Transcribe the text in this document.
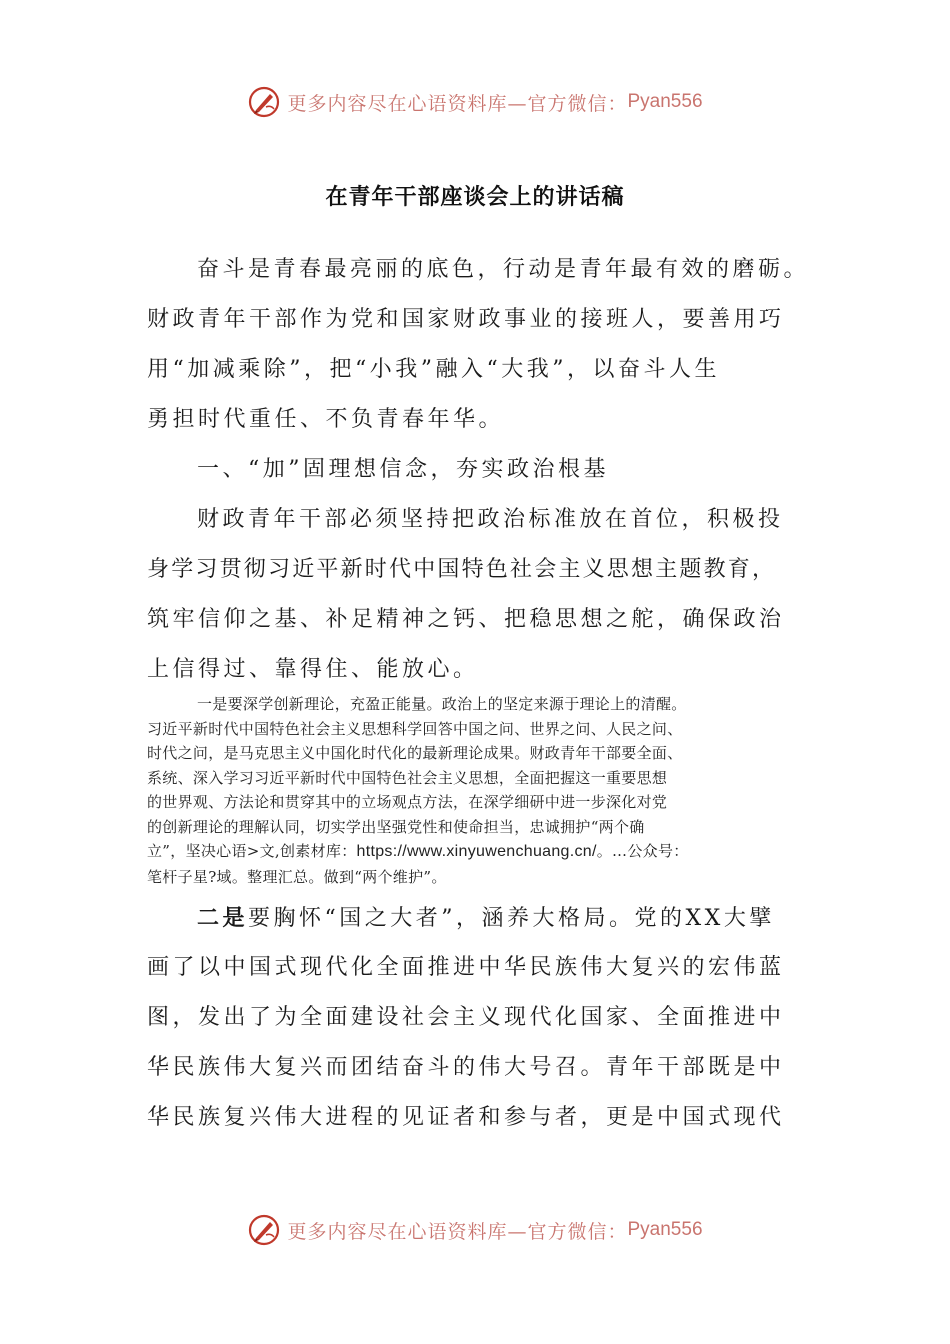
更多内容尽在心语资料库—官方微信： Pyan556
在青年干部座谈会上的讲话稿
奋斗是青春最亮丽的底色，行动是青年最有效的磨砺。
财政青年干部作为党和国家财政事业的接班人，要善用巧
用“加减乘除”，把“小我”融入“大我”，以奋斗人生
勇担时代重任、不负青春年华。
一、“加”固理想信念，夯实政治根基
财政青年干部必须坚持把政治标准放在首位，积极投
身学习贯彻习近平新时代中国特色社会主义思想主题教育，
筑牢信仰之基、补足精神之钙、把稳思想之舵，确保政治
上信得过、靠得住、能放心。

一是要深学创新理论，充盈正能量。政治上的坚定来源于理论上的清醒。

习近平新时代中国特色社会主义思想科学回答中国之问、世界之问、人民之问、

时代之问，是马克思主义中国化时代化的最新理论成果。财政青年干部要全面、

系统、深入学习习近平新时代中国特色社会主义思想，全面把握这一重要思想

的世界观、方法论和贯穿其中的立场观点方法，在深学细研中进一步深化对党

的创新理论的理解认同，切实学出坚强党性和使命担当，忠诚拥护“两个确

立”，坚决心语>文,创素材库：https://www.xinyuwenchuang.cn/。…公众号：

笔杆子星?域。整理汇总。做到“两个维护”。

二是要胸怀“国之大者”，涵养大格局。党的XX大擘
画了以中国式现代化全面推进中华民族伟大复兴的宏伟蓝
图，发出了为全面建设社会主义现代化国家、全面推进中
华民族伟大复兴而团结奋斗的伟大号召。青年干部既是中
华民族复兴伟大进程的见证者和参与者，更是中国式现代
更多内容尽在心语资料库—官方微信： Pyan556
